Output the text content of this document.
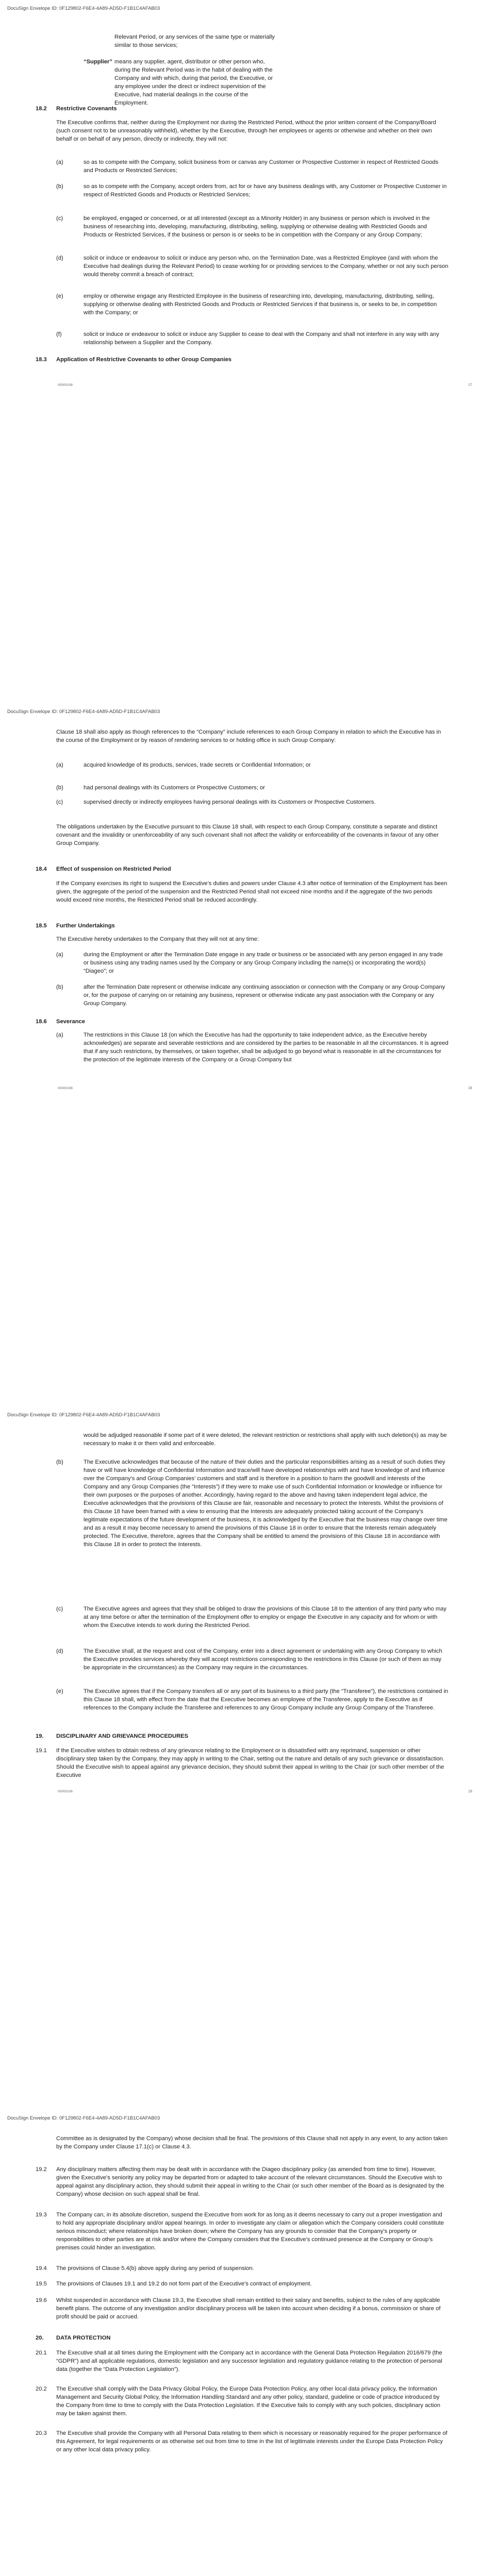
DocuSign Envelope ID: 0F129802-F6E4-4A89-AD5D-F1B1C4AFAB03
Relevant Period, or any services of the same type or materially similar to those services;
“Supplier” means any supplier, agent, distributor or other person who, during the Relevant Period was in the habit of dealing with the Company and with which, during that period, the Executive, or any employee under the direct or indirect supervision of the Executive, had material dealings in the course of the Employment.
18.2 Restrictive Covenants
The Executive confirms that, neither during the Employment nor during the Restricted Period, without the prior written consent of the Company/Board (such consent not to be unreasonably withheld), whether by the Executive, through her employees or agents or otherwise and whether on their own behalf or on behalf of any person, directly or indirectly, they will not:
(a)	so as to compete with the Company, solicit business from or canvas any Customer or Prospective Customer in respect of Restricted Goods and Products or Restricted Services;
(b)	so as to compete with the Company, accept orders from, act for or have any business dealings with, any Customer or Prospective Customer in respect of Restricted Goods and Products or Restricted Services;
(c)	be employed, engaged or concerned, or at all interested (except as a Minority Holder) in any business or person which is involved in the business of researching into, developing, manufacturing, distributing, selling, supplying or otherwise dealing with Restricted Goods and Products or Restricted Services, if the business or person is or seeks to be in competition with the Company or any Group Company;
(d)	solicit or induce or endeavour to solicit or induce any person who, on the Termination Date, was a Restricted Employee (and with whom the Executive had dealings during the Relevant Period) to cease working for or providing services to the Company, whether or not any such person would thereby commit a breach of contract;
(e)	employ or otherwise engage any Restricted Employee in the business of researching into, developing, manufacturing, distributing, selling, supplying or otherwise dealing with Restricted Goods and Products or Restricted Services if that business is, or seeks to be, in competition with the Company; or
(f)	solicit or induce or endeavour to solicit or induce any Supplier to cease to deal with the Company and shall not interfere in any way with any relationship between a Supplier and the Company.
18.3 Application of Restrictive Covenants to other Group Companies
00000108	17
DocuSign Envelope ID: 0F129802-F6E4-4A89-AD5D-F1B1C4AFAB03
Clause 18 shall also apply as though references to the “Company” include references to each Group Company in relation to which the Executive has in the course of the Employment or by reason of rendering services to or holding office in such Group Company:
(a)	acquired knowledge of its products, services, trade secrets or Confidential Information; or
(b)	had personal dealings with its Customers or Prospective Customers; or
(c)	supervised directly or indirectly employees having personal dealings with its Customers or Prospective Customers.
The obligations undertaken by the Executive pursuant to this Clause 18 shall, with respect to each Group Company, constitute a separate and distinct covenant and the invalidity or unenforceability of any such covenant shall not affect the validity or enforceability of the covenants in favour of any other Group Company.
18.4 Effect of suspension on Restricted Period
If the Company exercises its right to suspend the Executive’s duties and powers under Clause 4.3 after notice of termination of the Employment has been given, the aggregate of the period of the suspension and the Restricted Period shall not exceed nine months and if the aggregate of the two periods would exceed nine months, the Restricted Period shall be reduced accordingly.
18.5 Further Undertakings
The Executive hereby undertakes to the Company that they will not at any time:
(a)	during the Employment or after the Termination Date engage in any trade or business or be associated with any person engaged in any trade or business using any trading names used by the Company or any Group Company including the name(s) or incorporating the word(s) “Diageo”; or
(b)	after the Termination Date represent or otherwise indicate any continuing association or connection with the Company or any Group Company or, for the purpose of carrying on or retaining any business, represent or otherwise indicate any past association with the Company or any Group Company.
18.6 Severance
(a)	The restrictions in this Clause 18 (on which the Executive has had the opportunity to take independent advice, as the Executive hereby acknowledges) are separate and severable restrictions and are considered by the parties to be reasonable in all the circumstances. It is agreed that if any such restrictions, by themselves, or taken together, shall be adjudged to go beyond what is reasonable in all the circumstances for the protection of the legitimate interests of the Company or a Group Company but
00000108	18
DocuSign Envelope ID: 0F129802-F6E4-4A89-AD5D-F1B1C4AFAB03
would be adjudged reasonable if some part of it were deleted, the relevant restriction or restrictions shall apply with such deletion(s) as may be necessary to make it or them valid and enforceable.
(b)	The Executive acknowledges that because of the nature of their duties and the particular responsibilities arising as a result of such duties they have or will have knowledge of Confidential Information and trace/will have developed relationships with and have knowledge of and influence over the Company’s and Group Companies’ customers and staff and is therefore in a position to harm the goodwill and interests of the Company and any Group Companies (the “Interests”) if they were to make use of such Confidential Information or knowledge or influence for their own purposes or the purposes of another. Accordingly, having regard to the above and having taken independent legal advice, the Executive acknowledges that the provisions of this Clause are fair, reasonable and necessary to protect the Interests. Whilst the provisions of this Clause 18 have been framed with a view to ensuring that the Interests are adequately protected taking account of the Company’s legitimate expectations of the future development of the business, it is acknowledged by the Executive that the business may change over time and as a result it may become necessary to amend the provisions of this Clause 18 in order to ensure that the Interests remain adequately protected. The Executive, therefore, agrees that the Company shall be entitled to amend the provisions of this Clause 18 in accordance with this Clause 18 in order to protect the Interests.
(c)	The Executive agrees and agrees that they shall be obliged to draw the provisions of this Clause 18 to the attention of any third party who may at any time before or after the termination of the Employment offer to employ or engage the Executive in any capacity and for whom or with whom the Executive intends to work during the Restricted Period.
(d)	The Executive shall, at the request and cost of the Company, enter into a direct agreement or undertaking with any Group Company to which the Executive provides services whereby they will accept restrictions corresponding to the restrictions in this Clause (or such of them as may be appropriate in the circumstances) as the Company may require in the circumstances.
(e)	The Executive agrees that if the Company transfers all or any part of its business to a third party (the “Transferee”), the restrictions contained in this Clause 18 shall, with effect from the date that the Executive becomes an employee of the Transferee, apply to the Executive as if references to the Company include the Transferee and references to any Group Company include any Group Company of the Transferee.
19. DISCIPLINARY AND GRIEVANCE PROCEDURES
19.1 If the Executive wishes to obtain redress of any grievance relating to the Employment or is dissatisfied with any reprimand, suspension or other disciplinary step taken by the Company, they may apply in writing to the Chair, setting out the nature and details of any such grievance or dissatisfaction. Should the Executive wish to appeal against any grievance decision, they should submit their appeal in writing to the Chair (or such other member of the Executive
00000108	19
DocuSign Envelope ID: 0F129802-F6E4-4A89-AD5D-F1B1C4AFAB03
Committee as is designated by the Company) whose decision shall be final. The provisions of this Clause shall not apply in any event, to any action taken by the Company under Clause 17.1(c) or Clause 4.3.
19.2 Any disciplinary matters affecting them may be dealt with in accordance with the Diageo disciplinary policy (as amended from time to time). However, given the Executive’s seniority any policy may be departed from or adapted to take account of the relevant circumstances. Should the Executive wish to appeal against any disciplinary action, they should submit their appeal in writing to the Chair (or such other member of the Board as is designated by the Company) whose decision on such appeal shall be final.
19.3 The Company can, in its absolute discretion, suspend the Executive from work for as long as it deems necessary to carry out a proper investigation and to hold any appropriate disciplinary and/or appeal hearings. In order to investigate any claim or allegation which the Company considers could constitute serious misconduct; where relationships have broken down; where the Company has any grounds to consider that the Company’s property or responsibilities to other parties are at risk and/or where the Company considers that the Executive’s continued presence at the Company or Group’s premises could hinder an investigation.
19.4 The provisions of Clause 5.4(b) above apply during any period of suspension.
19.5 The provisions of Clauses 19.1 and 19.2 do not form part of the Executive’s contract of employment.
19.6 Whilst suspended in accordance with Clause 19.3, the Executive shall remain entitled to their salary and benefits, subject to the rules of any applicable benefit plans. The outcome of any investigation and/or disciplinary process will be taken into account when deciding if a bonus, commission or share of profit should be paid or accrued.
20. DATA PROTECTION
20.1 The Executive shall at all times during the Employment with the Company act in accordance with the General Data Protection Regulation 2016/679 (the “GDPR”) and all applicable regulations, domestic legislation and any successor legislation and regulatory guidance relating to the protection of personal data (together the “Data Protection Legislation”).
20.2 The Executive shall comply with the Data Privacy Global Policy, the Europe Data Protection Policy, any other local data privacy policy, the Information Management and Security Global Policy, the Information Handling Standard and any other policy, standard, guideline or code of practice introduced by the Company from time to time to comply with the Data Protection Legislation. If the Executive fails to comply with any such policies, disciplinary action may be taken against them.
20.3 The Executive shall provide the Company with all Personal Data relating to them which is necessary or reasonably required for the proper performance of this Agreement, for legal requirements or as otherwise set out from time to time in the list of legitimate interests under the Europe Data Protection Policy or any other local data privacy policy.
